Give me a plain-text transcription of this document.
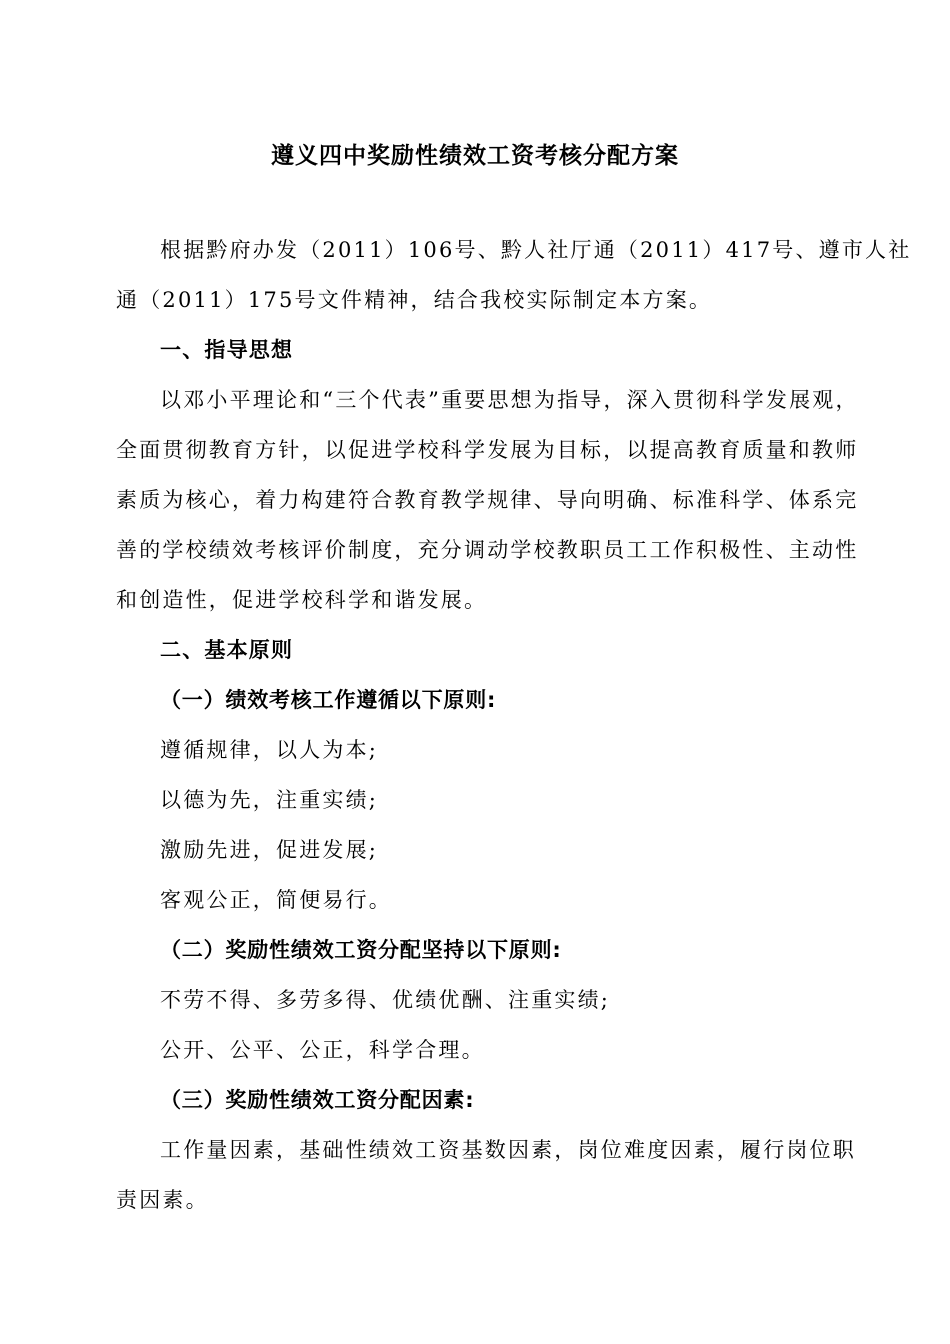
遵义四中奖励性绩效工资考核分配方案
根据黔府办发（2011）106号、黔人社厅通（2011）417号、遵市人社
通（2011）175号文件精神，结合我校实际制定本方案。
一、指导思想
以邓小平理论和“三个代表”重要思想为指导，深入贯彻科学发展观，
全面贯彻教育方针，以促进学校科学发展为目标，以提高教育质量和教师
素质为核心，着力构建符合教育教学规律、导向明确、标准科学、体系完
善的学校绩效考核评价制度，充分调动学校教职员工工作积极性、主动性
和创造性，促进学校科学和谐发展。
二、基本原则
（一）绩效考核工作遵循以下原则:
遵循规律，以人为本;
以德为先，注重实绩;
激励先进，促进发展;
客观公正，简便易行。
（二）奖励性绩效工资分配坚持以下原则:
不劳不得、多劳多得、优绩优酬、注重实绩;
公开、公平、公正，科学合理。
（三）奖励性绩效工资分配因素:
工作量因素，基础性绩效工资基数因素，岗位难度因素，履行岗位职
责因素。
